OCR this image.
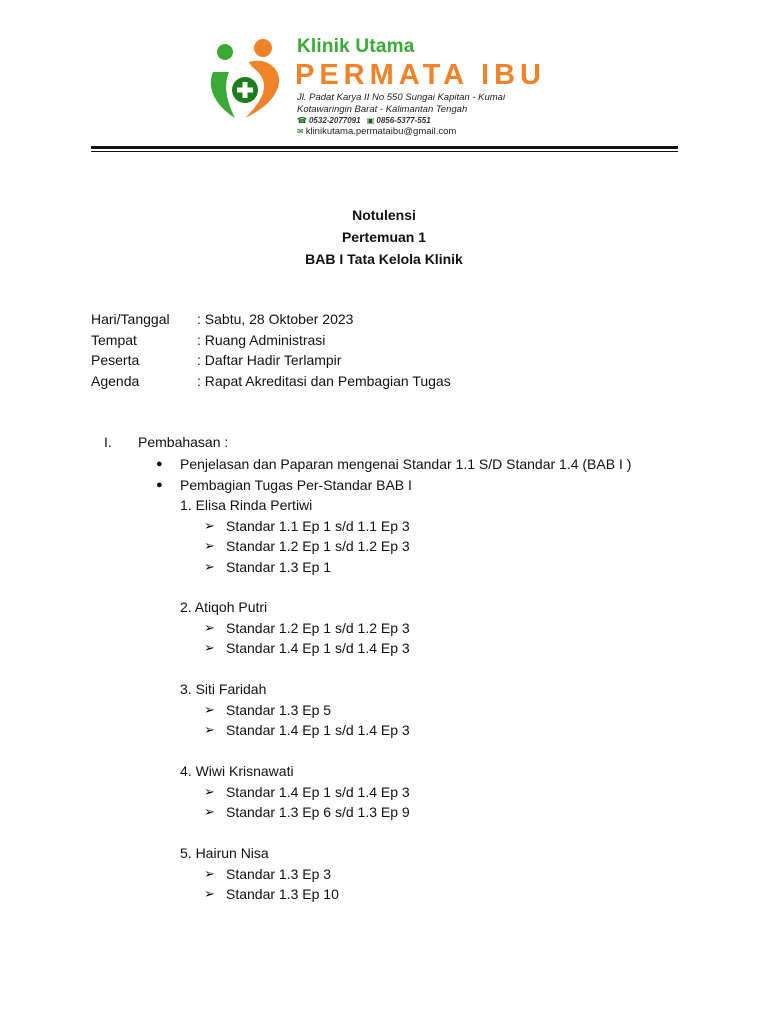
Klinik Utama
PERMATA IBU
Jl. Padat Karya II No 550 Sungai Kapitan - Kumai
Kotawaringin Barat - Kalimantan Tengah
☎ 0532-2077091 ▣ 0856-5377-551
✉ klinikutama.permataibu@gmail.com
Notulensi
Pertemuan 1
BAB I Tata Kelola Klinik
Hari/Tanggal	: Sabtu, 28 Oktober 2023
Tempat	: Ruang Administrasi
Peserta	: Daftar Hadir Terlampir
Agenda	: Rapat Akreditasi dan Pembagian Tugas
I. Pembahasan :
●	Penjelasan dan Paparan mengenai Standar 1.1 S/D Standar 1.4 (BAB I )
●	Pembagian Tugas Per-Standar BAB I
1. Elisa Rinda Pertiwi
➢ Standar 1.1 Ep 1 s/d 1.1 Ep 3
➢ Standar 1.2 Ep 1 s/d 1.2 Ep 3
➢ Standar 1.3 Ep 1
2. Atiqoh Putri
➢ Standar 1.2 Ep 1 s/d 1.2 Ep 3
➢ Standar 1.4 Ep 1 s/d 1.4 Ep 3
3. Siti Faridah
➢ Standar 1.3 Ep 5
➢ Standar 1.4 Ep 1 s/d 1.4 Ep 3
4. Wiwi Krisnawati
➢ Standar 1.4 Ep 1 s/d 1.4 Ep 3
➢ Standar 1.3 Ep 6 s/d 1.3 Ep 9
5. Hairun Nisa
➢ Standar 1.3 Ep 3
➢ Standar 1.3 Ep 10
